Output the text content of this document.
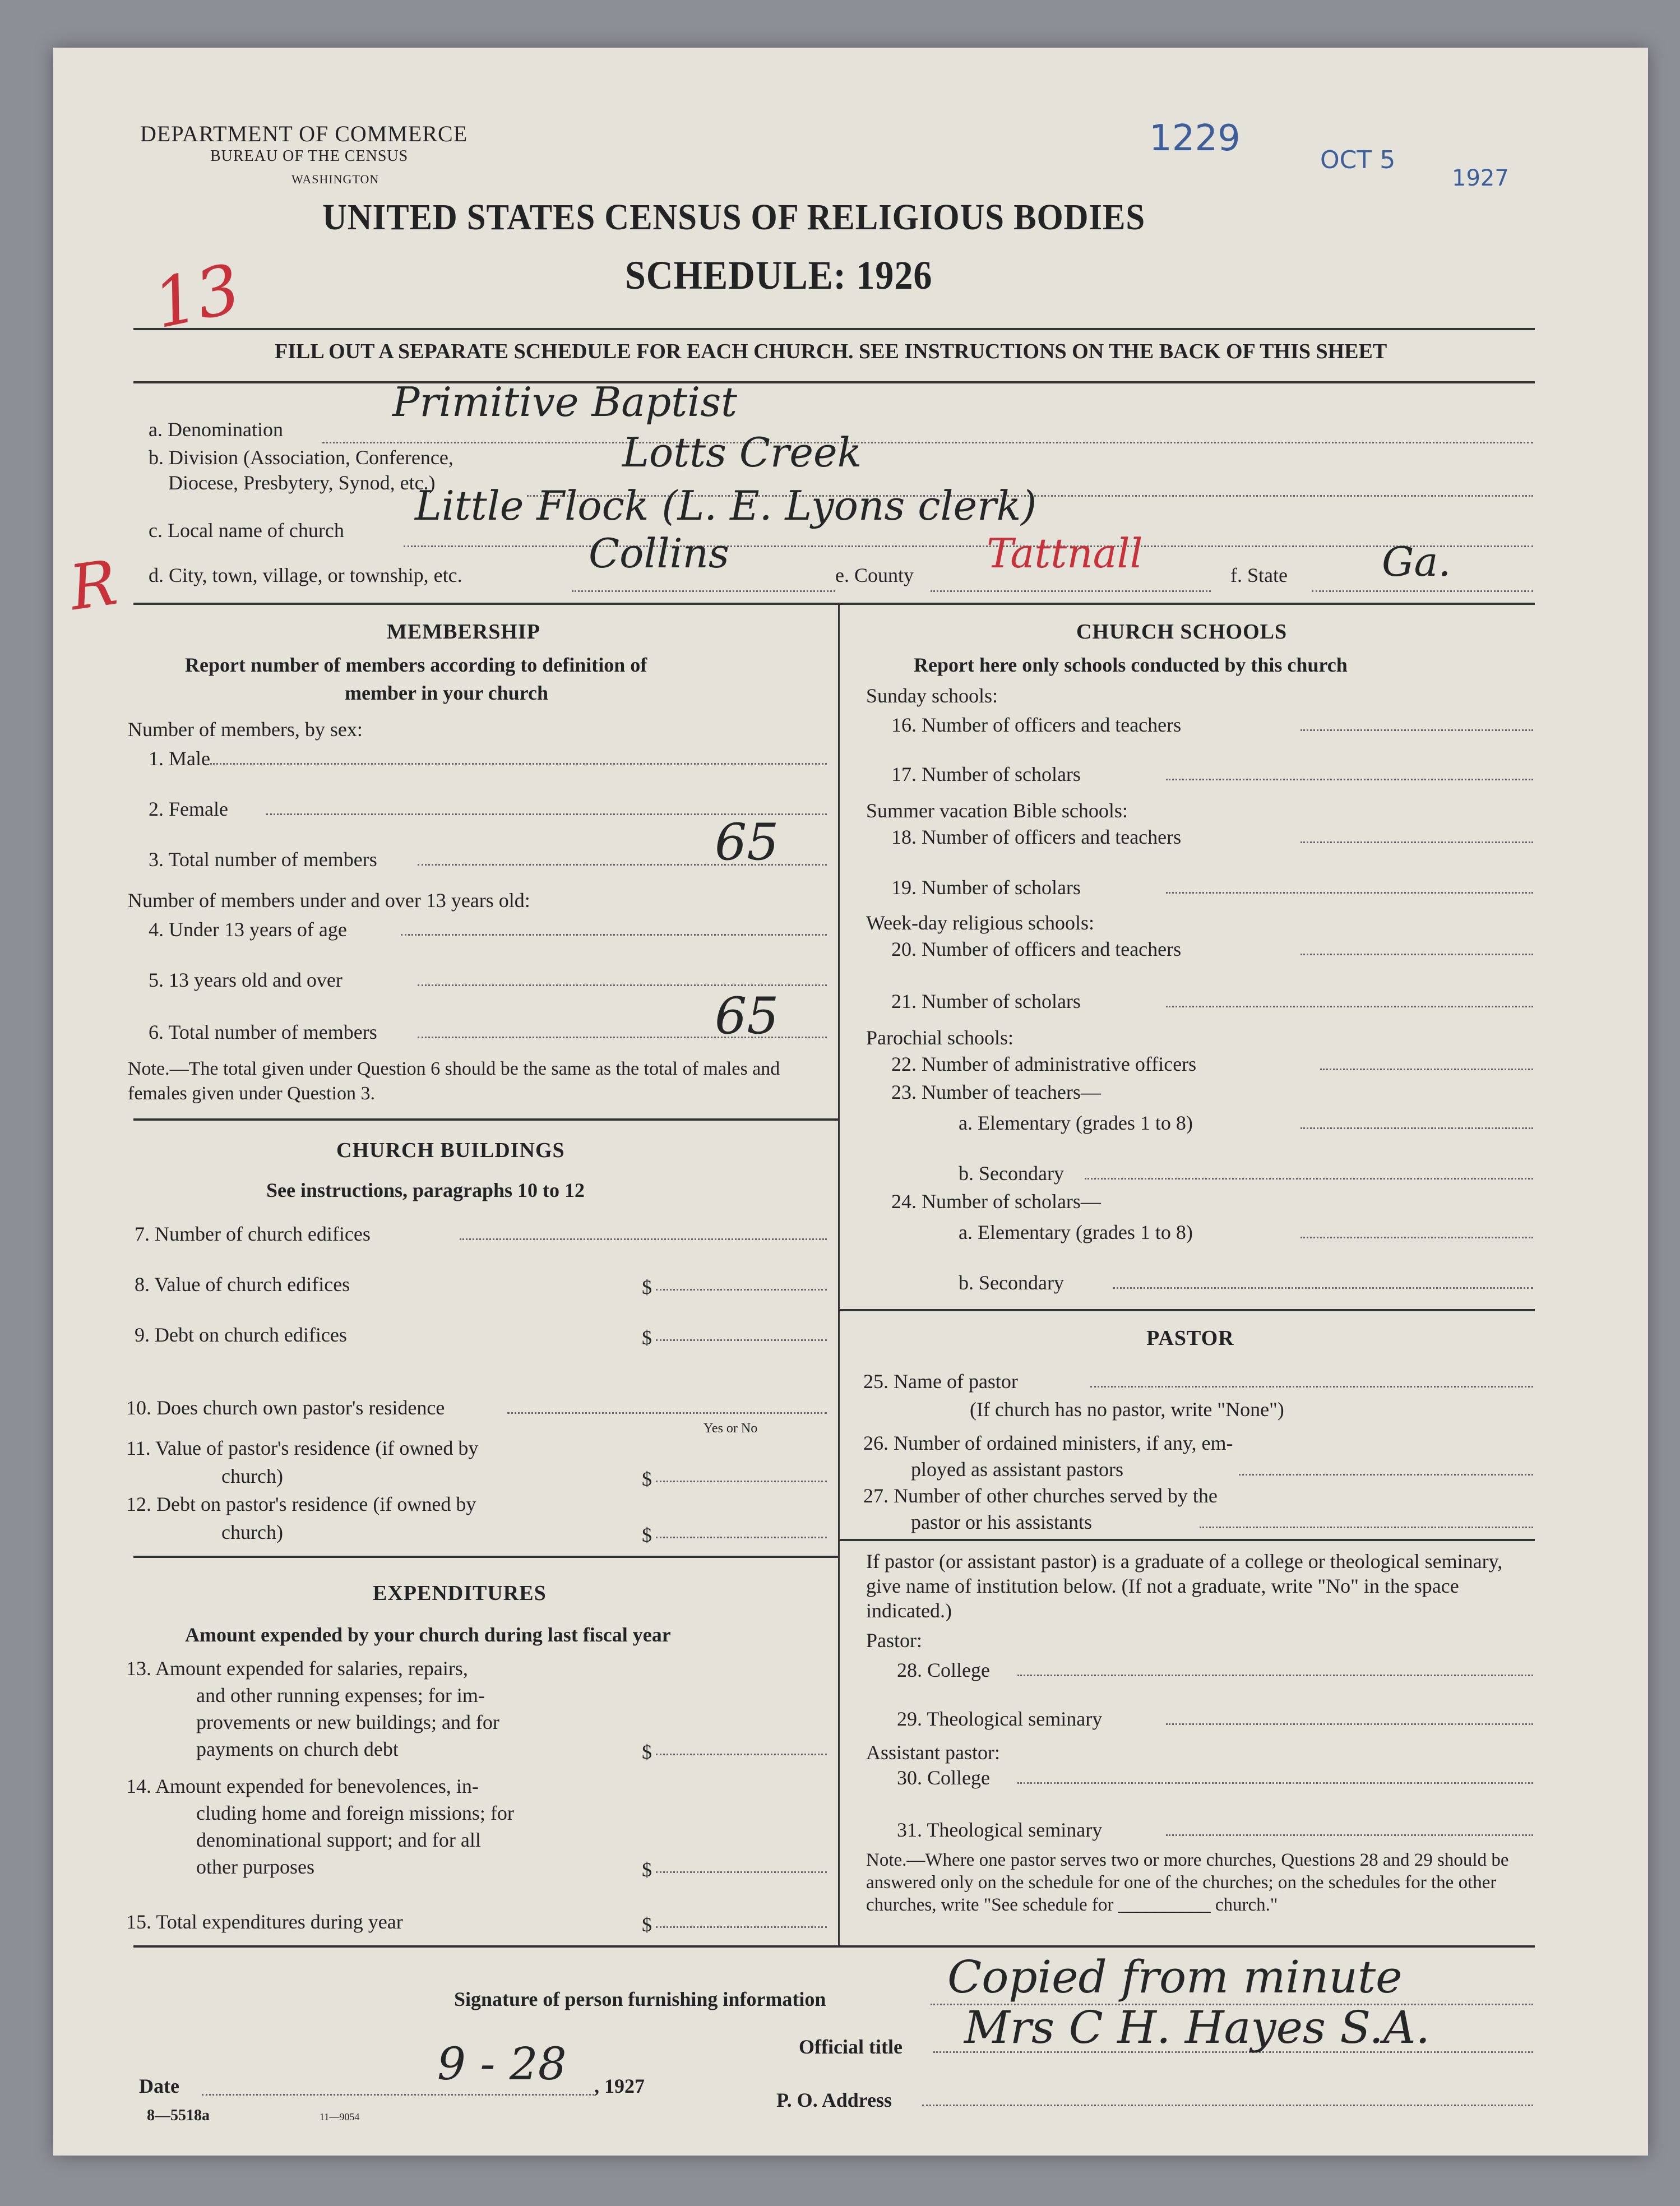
DEPARTMENT OF COMMERCE
BUREAU OF THE CENSUS
WASHINGTON
UNITED STATES CENSUS OF RELIGIOUS BODIES
SCHEDULE: 1926
1229
OCT 5
1927
13
R
FILL OUT A SEPARATE SCHEDULE FOR EACH CHURCH. SEE INSTRUCTIONS ON THE BACK OF THIS SHEET
a. Denomination
Primitive Baptist
b. Division (Association, Conference,
Diocese, Presbytery, Synod, etc.)
Lotts Creek
c. Local name of church
Little Flock (L. E. Lyons clerk)
d. City, town, village, or township, etc.	Collins	e. County Tattnall	f. State Ga.
MEMBERSHIP
Report number of members according to definition of
member in your church
Number of members, by sex:
1. Male
2. Female
3. Total number of members	65
Number of members under and over 13 years old:
4. Under 13 years of age
5. 13 years old and over
6. Total number of members	65
Note.—The total given under Question 6 should be the same as the total of males and females given under Question 3.
CHURCH BUILDINGS
See instructions, paragraphs 10 to 12
7. Number of church edifices
8. Value of church edifices	$
9. Debt on church edifices	$
10. Does church own pastor's residence
Yes or No
11. Value of pastor's residence (if owned by
church)	$
12. Debt on pastor's residence (if owned by
church)	$
EXPENDITURES
Amount expended by your church during last fiscal year
13. Amount expended for salaries, repairs,
and other running expenses; for im-
provements or new buildings; and for
payments on church debt	$
14. Amount expended for benevolences, in-
cluding home and foreign missions; for
denominational support; and for all
other purposes	$
15. Total expenditures during year	$
CHURCH SCHOOLS
Report here only schools conducted by this church
Sunday schools:
16. Number of officers and teachers
17. Number of scholars
Summer vacation Bible schools:
18. Number of officers and teachers
19. Number of scholars
Week-day religious schools:
20. Number of officers and teachers
21. Number of scholars
Parochial schools:
22. Number of administrative officers
23. Number of teachers—
a. Elementary (grades 1 to 8)
b. Secondary
24. Number of scholars—
a. Elementary (grades 1 to 8)
b. Secondary
PASTOR
25. Name of pastor
(If church has no pastor, write "None")
26. Number of ordained ministers, if any, em-
ployed as assistant pastors
27. Number of other churches served by the
pastor or his assistants
If pastor (or assistant pastor) is a graduate of a college or theological seminary, give name of institution below. (If not a graduate, write "No" in the space indicated.)
Pastor:
28. College
29. Theological seminary
Assistant pastor:
30. College
31. Theological seminary
Note.—Where one pastor serves two or more churches, Questions 28 and 29 should be answered only on the schedule for one of the churches; on the schedules for the other churches, write "See schedule for __________ church."
Signature of person furnishing information	Copied from minute
Official title Mrs C H. Hayes S.A.
Date	9 - 28 , 1927
P. O. Address
8—5518a	11—9054
